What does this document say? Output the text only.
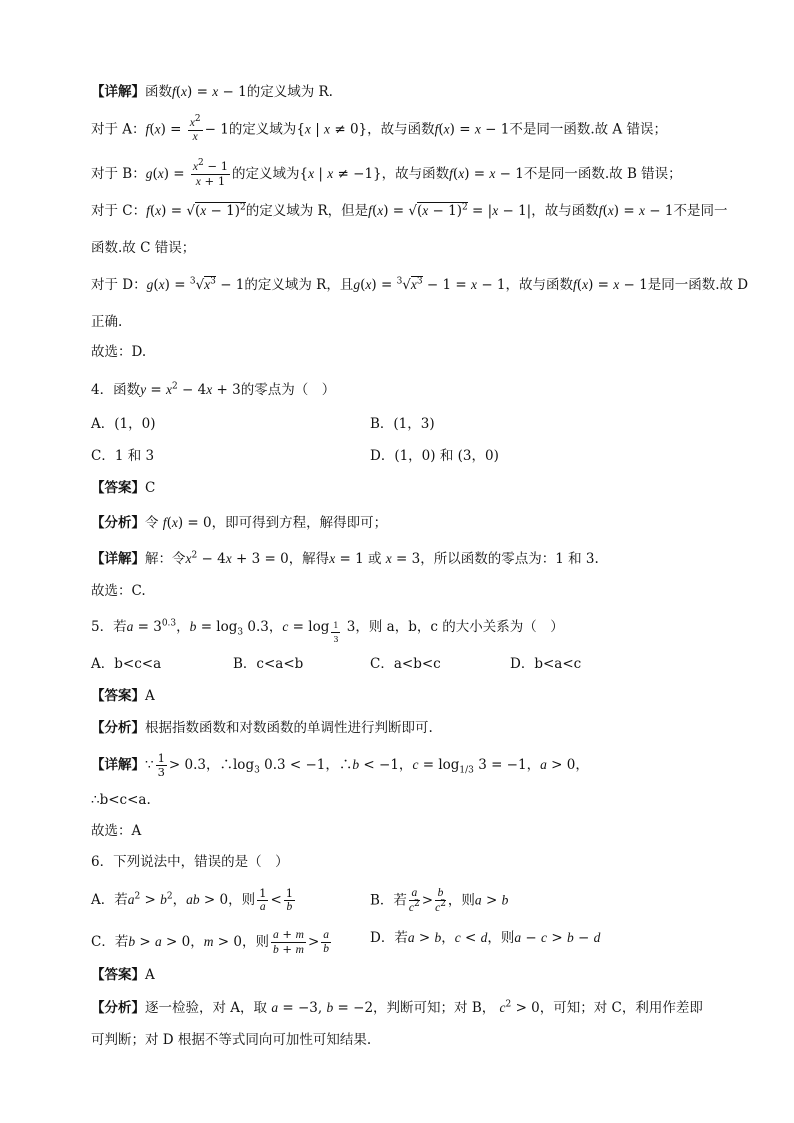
【详解】函数f(x) = x − 1的定义域为 R.
对于 A：$f(x) = \frac{x^2}{x} - 1$的定义域为{x | x ≠ 0}，故与函数f(x) = x − 1不是同一函数.故 A 错误；
对于 B：$g(x) = \frac{x^2 - 1}{x + 1}$ 的定义域为{x | x ≠ −1}，故与函数f(x) = x − 1不是同一函数.故 B 错误；
对于 C：$f(x) = √(x - 1)^2$的定义域为 R，但是$f(x) = √(x - 1)^2 = |x - 1|$，故与函数f(x) = x − 1不是同一
函数.故 C 错误；
对于 D：$g(x) = ^3√x^3 - 1$的定义域为 R，且$g(x) = ^3√x^3 - 1 = x - 1$，故与函数f(x) = x − 1是同一函数.故 D
正确.
故选：D.
4．函数$y = x^2 - 4x + 3$的零点为（　）
A．(1，0)	B．(1，3)
C．1 和 3	D．(1，0) 和 (3，0)
【答案】C
【分析】令 f(x) = 0，即可得到方程，解得即可；
【详解】解：令$x^2 - 4x + 3 = 0$，解得x = 1 或 x = 3，所以函数的零点为：1 和 3.
故选：C.
5．若$a = 3^{0.3}$，$b = \log_3 0.3$，c = log $_{\frac{1}{3}}$ 3，则 a，b，c 的大小关系为（　）
A．b<c<a	B．c<a<b	C．a<b<c	D．b<a<c
【答案】A
【分析】根据指数函数和对数函数的单调性进行判断即可.
【详解】∵ $\frac{1}{3} > 0.3$，$\therefore\log_3$ 0.3 < −1，∴b < −1，$c = \log_{1/3} 3 = -1$，a > 0，
∴b<c<a.
故选：A
6．下列说法中，错误的是（　）
A．若$a^2 > b^2$，ab > 0，则 $\frac{1}{a} < \frac{1}{b}$	B．若 $\frac{a}{c^2} > \frac{b}{c^2}$ ，则a > b
C．若b > a > 0，m > 0，则 $\frac{a + m}{b + m} > \frac{a}{b}$	D．若a > b，c < d，则a − c > b − d
【答案】A
【分析】逐一检验，对 A，取 a = −3, b = −2，判断可知；对 B， $c^2 > 0$，可知；对 C，利用作差即
可判断；对 D 根据不等式同向可加性可知结果.
